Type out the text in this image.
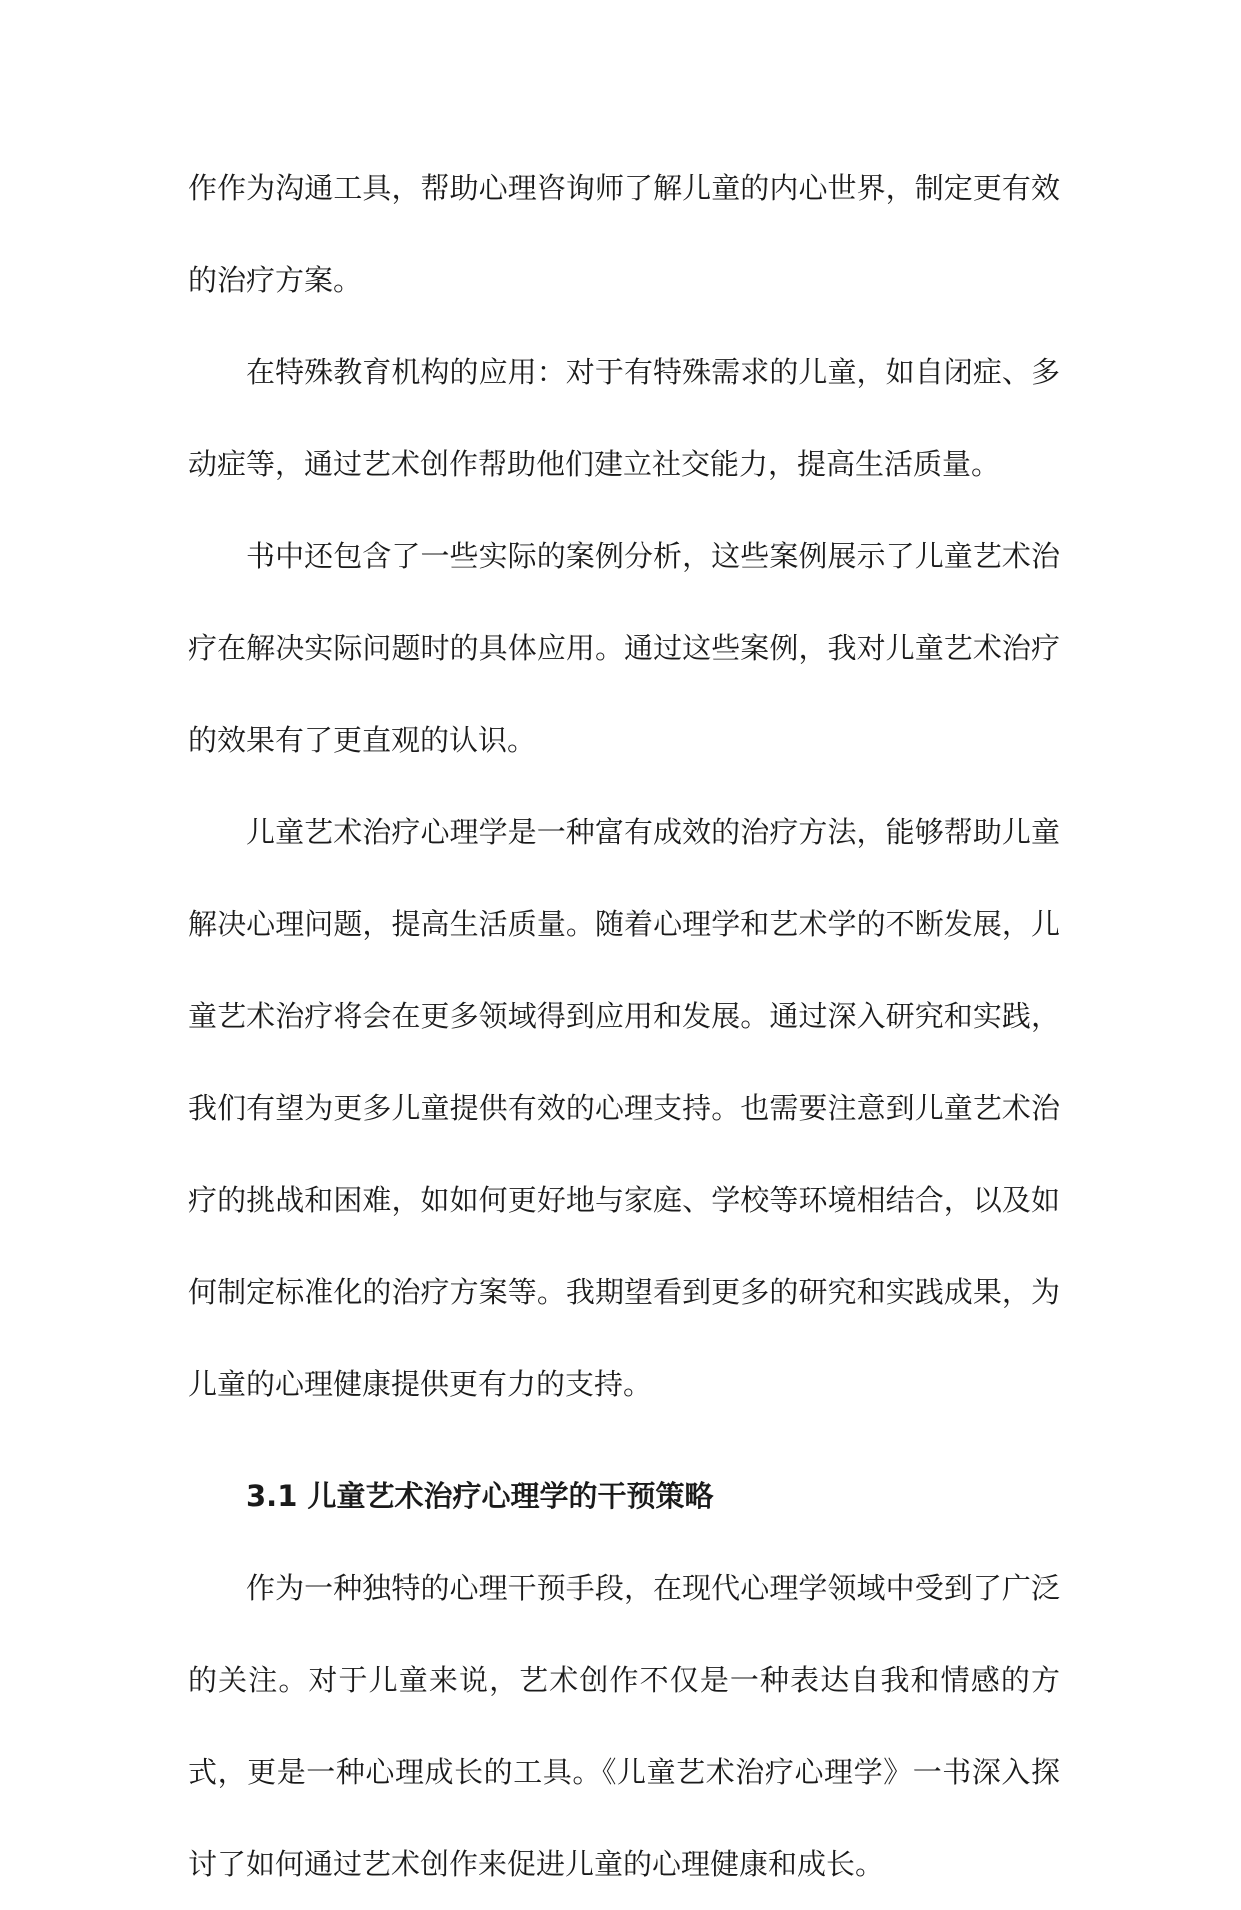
作作为沟通工具，帮助心理咨询师了解儿童的内心世界，制定更有效的治疗方案。

在特殊教育机构的应用：对于有特殊需求的儿童，如自闭症、多动症等，通过艺术创作帮助他们建立社交能力，提高生活质量。

书中还包含了一些实际的案例分析，这些案例展示了儿童艺术治疗在解决实际问题时的具体应用。通过这些案例，我对儿童艺术治疗的效果有了更直观的认识。

儿童艺术治疗心理学是一种富有成效的治疗方法，能够帮助儿童解决心理问题，提高生活质量。随着心理学和艺术学的不断发展，儿童艺术治疗将会在更多领域得到应用和发展。通过深入研究和实践，我们有望为更多儿童提供有效的心理支持。也需要注意到儿童艺术治疗的挑战和困难，如如何更好地与家庭、学校等环境相结合，以及如何制定标准化的治疗方案等。我期望看到更多的研究和实践成果，为儿童的心理健康提供更有力的支持。

3.1 儿童艺术治疗心理学的干预策略

作为一种独特的心理干预手段，在现代心理学领域中受到了广泛的关注。对于儿童来说，艺术创作不仅是一种表达自我和情感的方式，更是一种心理成长的工具。《儿童艺术治疗心理学》一书深入探讨了如何通过艺术创作来促进儿童的心理健康和成长。
